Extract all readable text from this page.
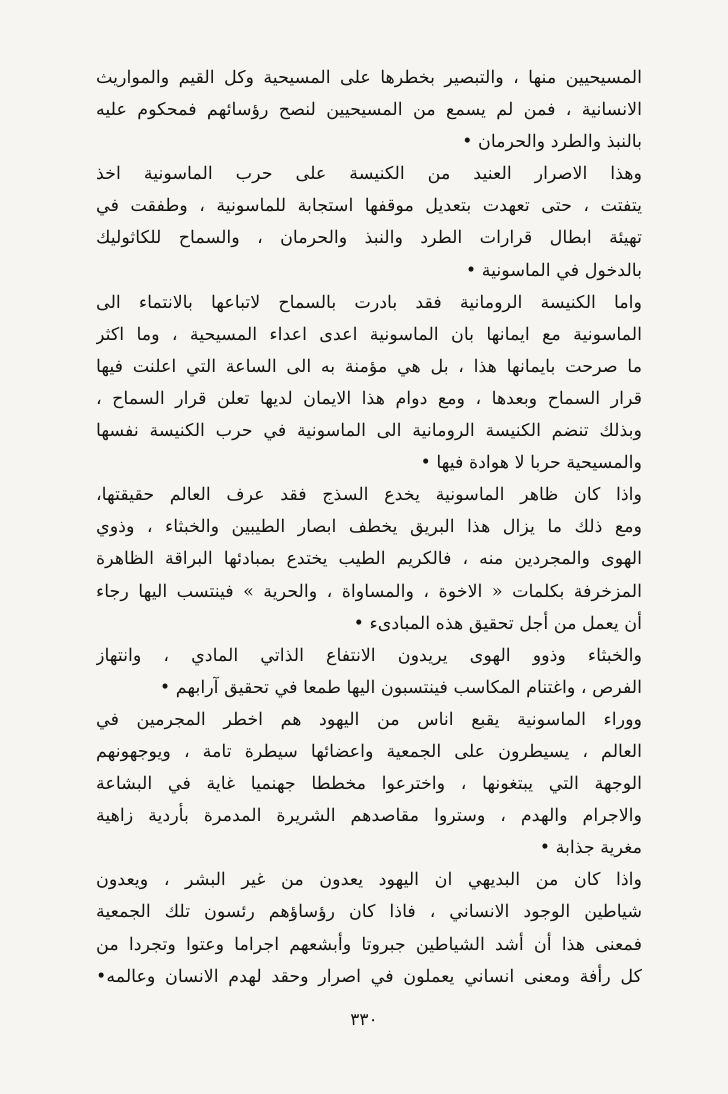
المسيحيين منها ، والتبصير بخطرها على المسيحية وكل القيم والمواريث
الانسانية ، فمن لم يسمع من المسيحيين لنصح رؤسائهم فمحكوم عليه
بالنبذ والطرد والحرمان •
وهذا الاصرار العنيد من الكنيسة على حرب الماسونية اخذ
يتفتت ، حتى تعهدت بتعديل موقفها استجابة للماسونية ، وطفقت في
تهيئة ابطال قرارات الطرد والنبذ والحرمان ، والسماح للكاثوليك
بالدخول في الماسونية •
واما الكنيسة الرومانية فقد بادرت بالسماح لاتباعها بالانتماء الى
الماسونية مع ايمانها بان الماسونية اعدى اعداء المسيحية ، وما اكثر
ما صرحت بايمانها هذا ، بل هي مؤمنة به الى الساعة التي اعلنت فيها
قرار السماح وبعدها ، ومع دوام هذا الايمان لديها تعلن قرار السماح ،
وبذلك تنضم الكنيسة الرومانية الى الماسونية في حرب الكنيسة نفسها
والمسيحية حربا لا هوادة فيها •
واذا كان ظاهر الماسونية يخدع السذج فقد عرف العالم حقيقتها،
ومع ذلك ما يزال هذا البريق يخطف ابصار الطيبين والخبثاء ، وذوي
الهوى والمجردين منه ، فالكريم الطيب يختدع بمبادئها البراقة الظاهرة
المزخرفة بكلمات « الاخوة ، والمساواة ، والحرية » فينتسب اليها رجاء
أن يعمل من أجل تحقيق هذه المبادىء •
والخبثاء وذوو الهوى يريدون الانتفاع الذاتي المادي ، وانتهاز
الفرص ، واغتنام المكاسب فينتسبون اليها طمعا في تحقيق آرابهم •
ووراء الماسونية يقبع اناس من اليهود هم اخطر المجرمين في
العالم ، يسيطرون على الجمعية واعضائها سيطرة تامة ، ويوجهونهم
الوجهة التي يبتغونها ، واخترعوا مخططا جهنميا غاية في البشاعة
والاجرام والهدم ، وستروا مقاصدهم الشريرة المدمرة بأردية زاهية
مغرية جذابة •
واذا كان من البديهي ان اليهود يعدون من غير البشر ، ويعدون
شياطين الوجود الانساني ، فاذا كان رؤساؤهم رئسون تلك الجمعية
فمعنى هذا أن أشد الشياطين جبروتا وأبشعهم اجراما وعتوا وتجردا من
كل رأفة ومعنى انساني يعملون في اصرار وحقد لهدم الانسان وعالمه•
٣٣٠
